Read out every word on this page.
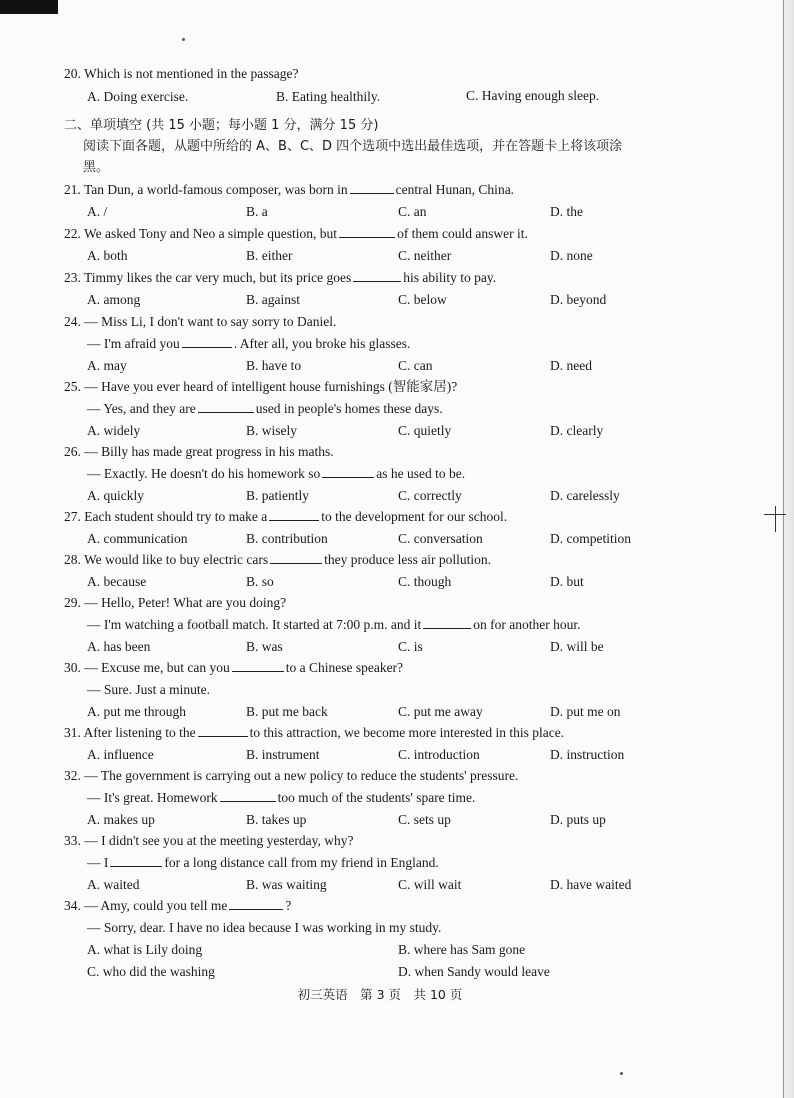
20. Which is not mentioned in the passage?
A. Doing exercise.	B. Eating healthily.	C. Having enough sleep.
二、单项填空 (共 15 小题；每小题 1 分，满分 15 分)
阅读下面各题，从题中所给的 A、B、C、D 四个选项中选出最佳选项，并在答题卡上将该项涂
黑。
21. Tan Dun, a world-famous composer, was born in	central Hunan, China.
A. /	B. a	C. an	D. the
22. We asked Tony and Neo a simple question, but	of them could answer it.
A. both	B. either	C. neither	D. none
23. Timmy likes the car very much, but its price goes	his ability to pay.
A. among	B. against	C. below	D. beyond
24. — Miss Li, I don't want to say sorry to Daniel.
— I'm afraid you	. After all, you broke his glasses.
A. may	B. have to	C. can	D. need
25. — Have you ever heard of intelligent house furnishings (智能家居)?
— Yes, and they are	used in people's homes these days.
A. widely	B. wisely	C. quietly	D. clearly
26. — Billy has made great progress in his maths.
— Exactly. He doesn't do his homework so	as he used to be.
A. quickly	B. patiently	C. correctly	D. carelessly
27. Each student should try to make a	to the development for our school.
A. communication	B. contribution	C. conversation	D. competition
28. We would like to buy electric cars	they produce less air pollution.
A. because	B. so	C. though	D. but
29. — Hello, Peter! What are you doing?
— I'm watching a football match. It started at 7:00 p.m. and it	on for another hour.
A. has been	B. was	C. is	D. will be
30. — Excuse me, but can you	to a Chinese speaker?
— Sure. Just a minute.
A. put me through	B. put me back	C. put me away	D. put me on
31. After listening to the	to this attraction, we become more interested in this place.
A. influence	B. instrument	C. introduction	D. instruction
32. — The government is carrying out a new policy to reduce the students' pressure.
— It's great. Homework	too much of the students' spare time.
A. makes up	B. takes up	C. sets up	D. puts up
33. — I didn't see you at the meeting yesterday, why?
— I	for a long distance call from my friend in England.
A. waited	B. was waiting	C. will wait	D. have waited
34. — Amy, could you tell me	?
— Sorry, dear. I have no idea because I was working in my study.
A. what is Lily doing	B. where has Sam gone
C. who did the washing	D. when Sandy would leave
初三英语　第 3 页　共 10 页
